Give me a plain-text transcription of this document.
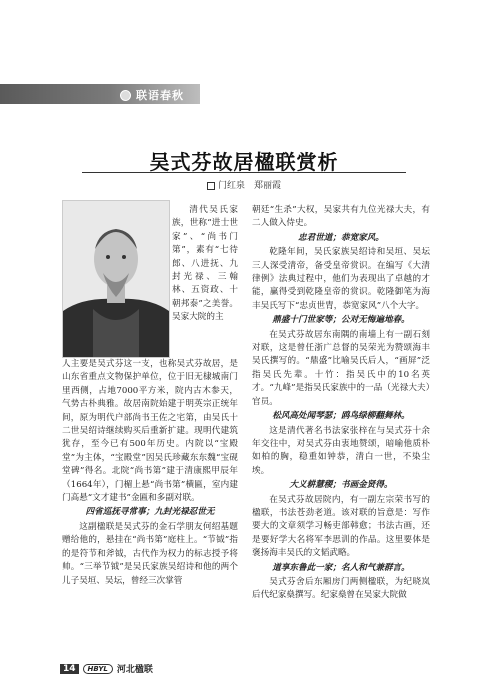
联语春秋
吴式芬故居楹联赏析
门红泉　郑丽霞

清代吴氏家族，世称“进士世家”、“尚书门第”，素有“七待郎、八进抚、九封光禄、三翰林、五资政、十朝邦泰”之美誉。吴家大院的主

人主要是吴式芬这一支，也称吴式芬故居，是山东省重点文物保护单位，位于旧无棣城南门里西侧，占地7000平方米，院内古木参天，气势古朴典雅。故居南院始建于明英宗正统年间，原为明代户部尚书王佐之宅第，由吴氏十二世吴绍诗继续购买后重新扩建。现明代建筑犹存，至今已有500年历史。内院以“宝殿堂”为主体，“宝殿堂”因吴氏珍藏东东魏“宝砚堂碑”得名。北院“尚书第”建于清康熙甲辰年（1664年），门楣上悬“尚书第”横匾，室内建门高悬“文才建书”金匾和多副对联。

四省巡抚寻常事；九封光禄忍世无

这副楹联是吴式芬的金石学朋友何绍基题赠给他的，悬挂在“尚书第”庭柱上。“节钺”指的是符节和斧钺，古代作为权力的标志授予将帅。“三举节钺”是吴氏家族吴绍诗和他的两个儿子吴垣、吴坛，曾经三次掌管

朝廷“生杀”大权，吴家共有九位光禄大夫，有二人做入侍史。

忠君世道；恭宽家风。

乾隆年间，吴氏家族吴绍诗和吴垣、吴坛三人深受清帝，备受皇帝赏识。在编写《大清律例》法典过程中，他们为表现出了卓越的才能，赢得受到乾隆皇帝的赏识。乾隆御笔为海丰吴氏写下“忠贞世胄，恭宽家风”八个大字。

鼎盛十门世家等；公对无悔遍地春。

在吴式芬故居东南隅的南墙上有一副石刻对联，这是曾任浙广总督的吴荣光为赞颂海丰吴氏撰写的。“鼎盛”比喻吴氏后人，“画屏”泛指吴氏先辈。十竹：指吴氏中的10名英才。“九峰”是指吴氏家族中的一品（光禄大夫）官员。

松风高处闻琴瑟；鸥鸟绿柳翻舞林。

这是清代著名书法家张梓在与吴式芬十余年交往中，对吴式芬由衷地赞颂，暗喻他质朴如柏的胸，稳重如钟恭，清白一世，不染尘埃。

大义耕慧稷；书画金贤得。

在吴式芬故居院内，有一副左宗荣书写的楹联，书法苍劲老道。该对联的旨意是：写作要大的文章须学习畅吏部韩愈；书法古画，还是要好学大名将军李思训的作品。这里要体是褒扬海丰吴氏的文韬武略。

道享东鲁此一家；名人和气兼群言。

吴式芬舍后东厢房门两侧楹联，为纪晓岚后代纪家燊撰写。纪家燊曾在吴家大院做

14	HBYL	河北楹联
